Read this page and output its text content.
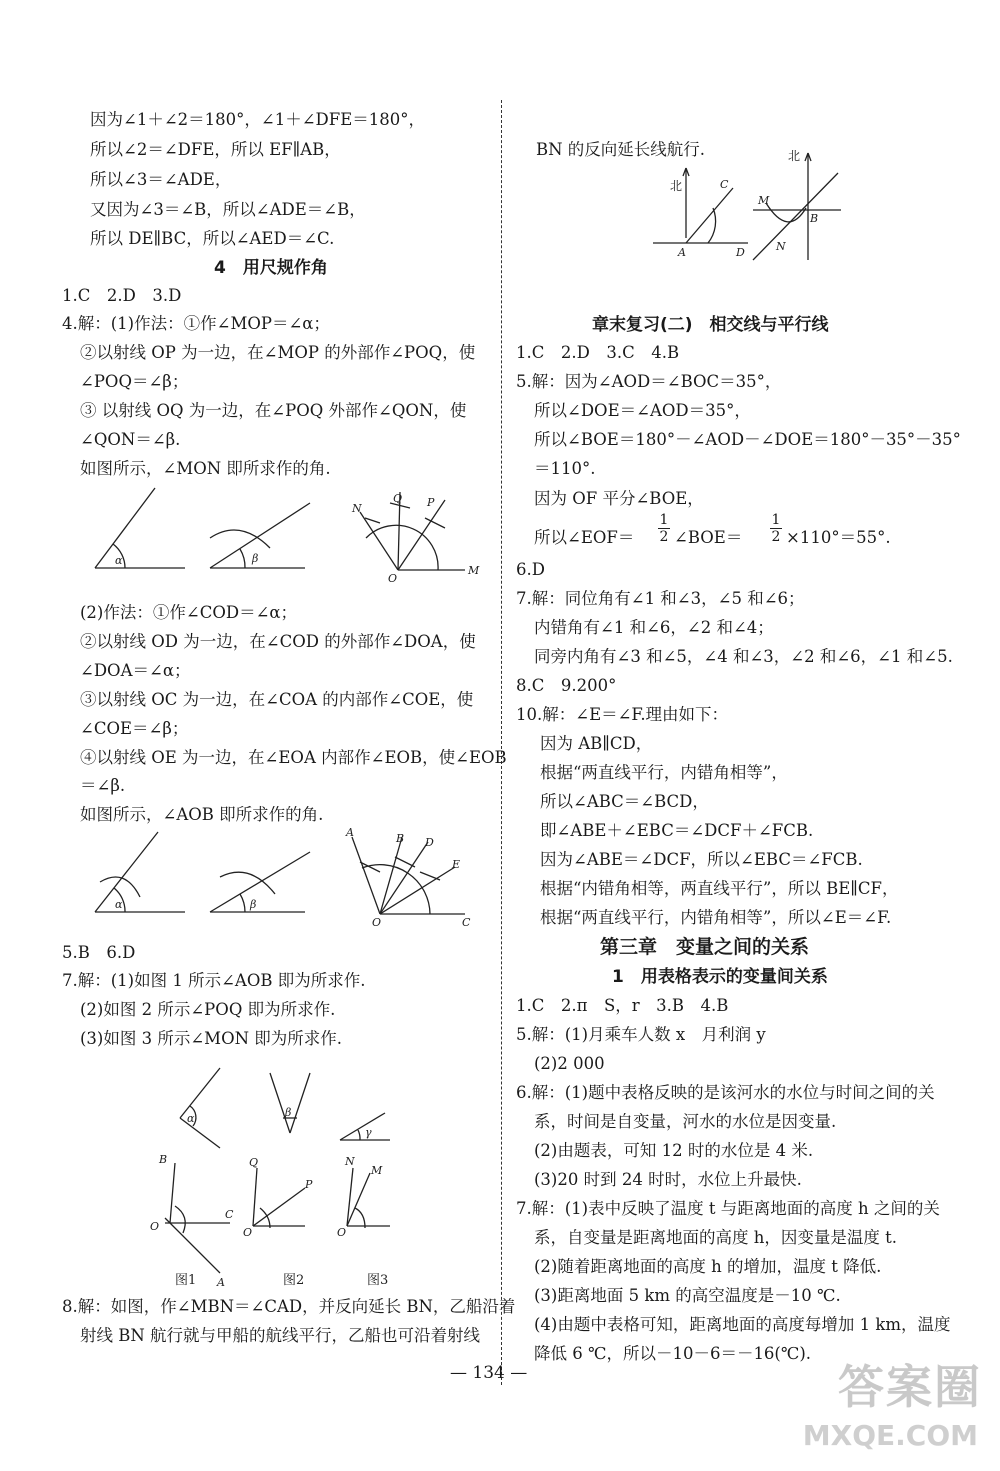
因为∠1＋∠2＝180°，∠1＋∠DFE＝180°，
所以∠2＝∠DFE，所以 EF∥AB，
所以∠3＝∠ADE，
又因为∠3＝∠B，所以∠ADE＝∠B，
所以 DE∥BC，所以∠AED＝∠C.
4　用尺规作角
1.C　2.D　3.D
4.解：(1)作法：①作∠MOP＝∠α；
②以射线 OP 为一边，在∠MOP 的外部作∠POQ，使
∠POQ＝∠β；
③ 以射线 OQ 为一边，在∠POQ 外部作∠QON，使
∠QON＝∠β.
如图所示，∠MON 即所求作的角.
(2)作法：①作∠COD＝∠α；
②以射线 OD 为一边，在∠COD 的外部作∠DOA，使
∠DOA＝∠α；
③以射线 OC 为一边，在∠COA 的内部作∠COE，使
∠COE＝∠β；
④以射线 OE 为一边，在∠EOA 内部作∠EOB，使∠EOB
＝∠β.
如图所示，∠AOB 即所求作的角.
5.B　6.D
7.解：(1)如图 1 所示∠AOB 即为所求作.
(2)如图 2 所示∠POQ 即为所求作.
(3)如图 3 所示∠MON 即为所求作.
8.解：如图，作∠MBN＝∠CAD，并反向延长 BN，乙船沿着
射线 BN 航行就与甲船的航线平行，乙船也可沿着射线
BN 的反向延长线航行.
章末复习(二)　相交线与平行线
1.C　2.D　3.C　4.B
5.解：因为∠AOD＝∠BOC＝35°，
所以∠DOE＝∠AOD＝35°，
所以∠BOE＝180°－∠AOD－∠DOE＝180°－35°－35°
＝110°.
因为 OF 平分∠BOE，
6.D
7.解：同位角有∠1 和∠3，∠5 和∠6；
内错角有∠1 和∠6，∠2 和∠4；
同旁内角有∠3 和∠5，∠4 和∠3，∠2 和∠6，∠1 和∠5.
8.C　9.200°
10.解：∠E＝∠F.理由如下：
因为 AB∥CD，
根据“两直线平行，内错角相等”，
所以∠ABC＝∠BCD，
即∠ABE＋∠EBC＝∠DCF＋∠FCB.
因为∠ABE＝∠DCF，所以∠EBC＝∠FCB.
根据“内错角相等，两直线平行”，所以 BE∥CF，
根据“两直线平行，内错角相等”，所以∠E＝∠F.
第三章　变量之间的关系
1　用表格表示的变量间关系
1.C　2.π　S，r　3.B　4.B
5.解：(1)月乘车人数 x　月利润 y
(2)2 000
6.解：(1)题中表格反映的是该河水的水位与时间之间的关
系，时间是自变量，河水的水位是因变量.
(2)由题表，可知 12 时的水位是 4 米.
(3)20 时到 24 时时，水位上升最快.
7.解：(1)表中反映了温度 t 与距离地面的高度 h 之间的关
系，自变量是距离地面的高度 h，因变量是温度 t.
(2)随着距离地面的高度 h 的增加，温度 t 降低.
(3)距离地面 5 km 的高空温度是－10 ℃.
(4)由题中表格可知，距离地面的高度每增加 1 km，温度
降低 6 ℃，所以－10－6＝－16(℃).
所以∠EOF＝
1

2 ∠BOE＝
1

2 ×110°＝55°.
α	β
O
M
P
Q
N
α	β
O	C
A	B D
E
α	β
γ
B
O
C
A
Q
O
P
N
M
O
图1	图2	图3
北
北
C
A	D
M
B
N
— 134 —	答案圈
MXQE.COM
